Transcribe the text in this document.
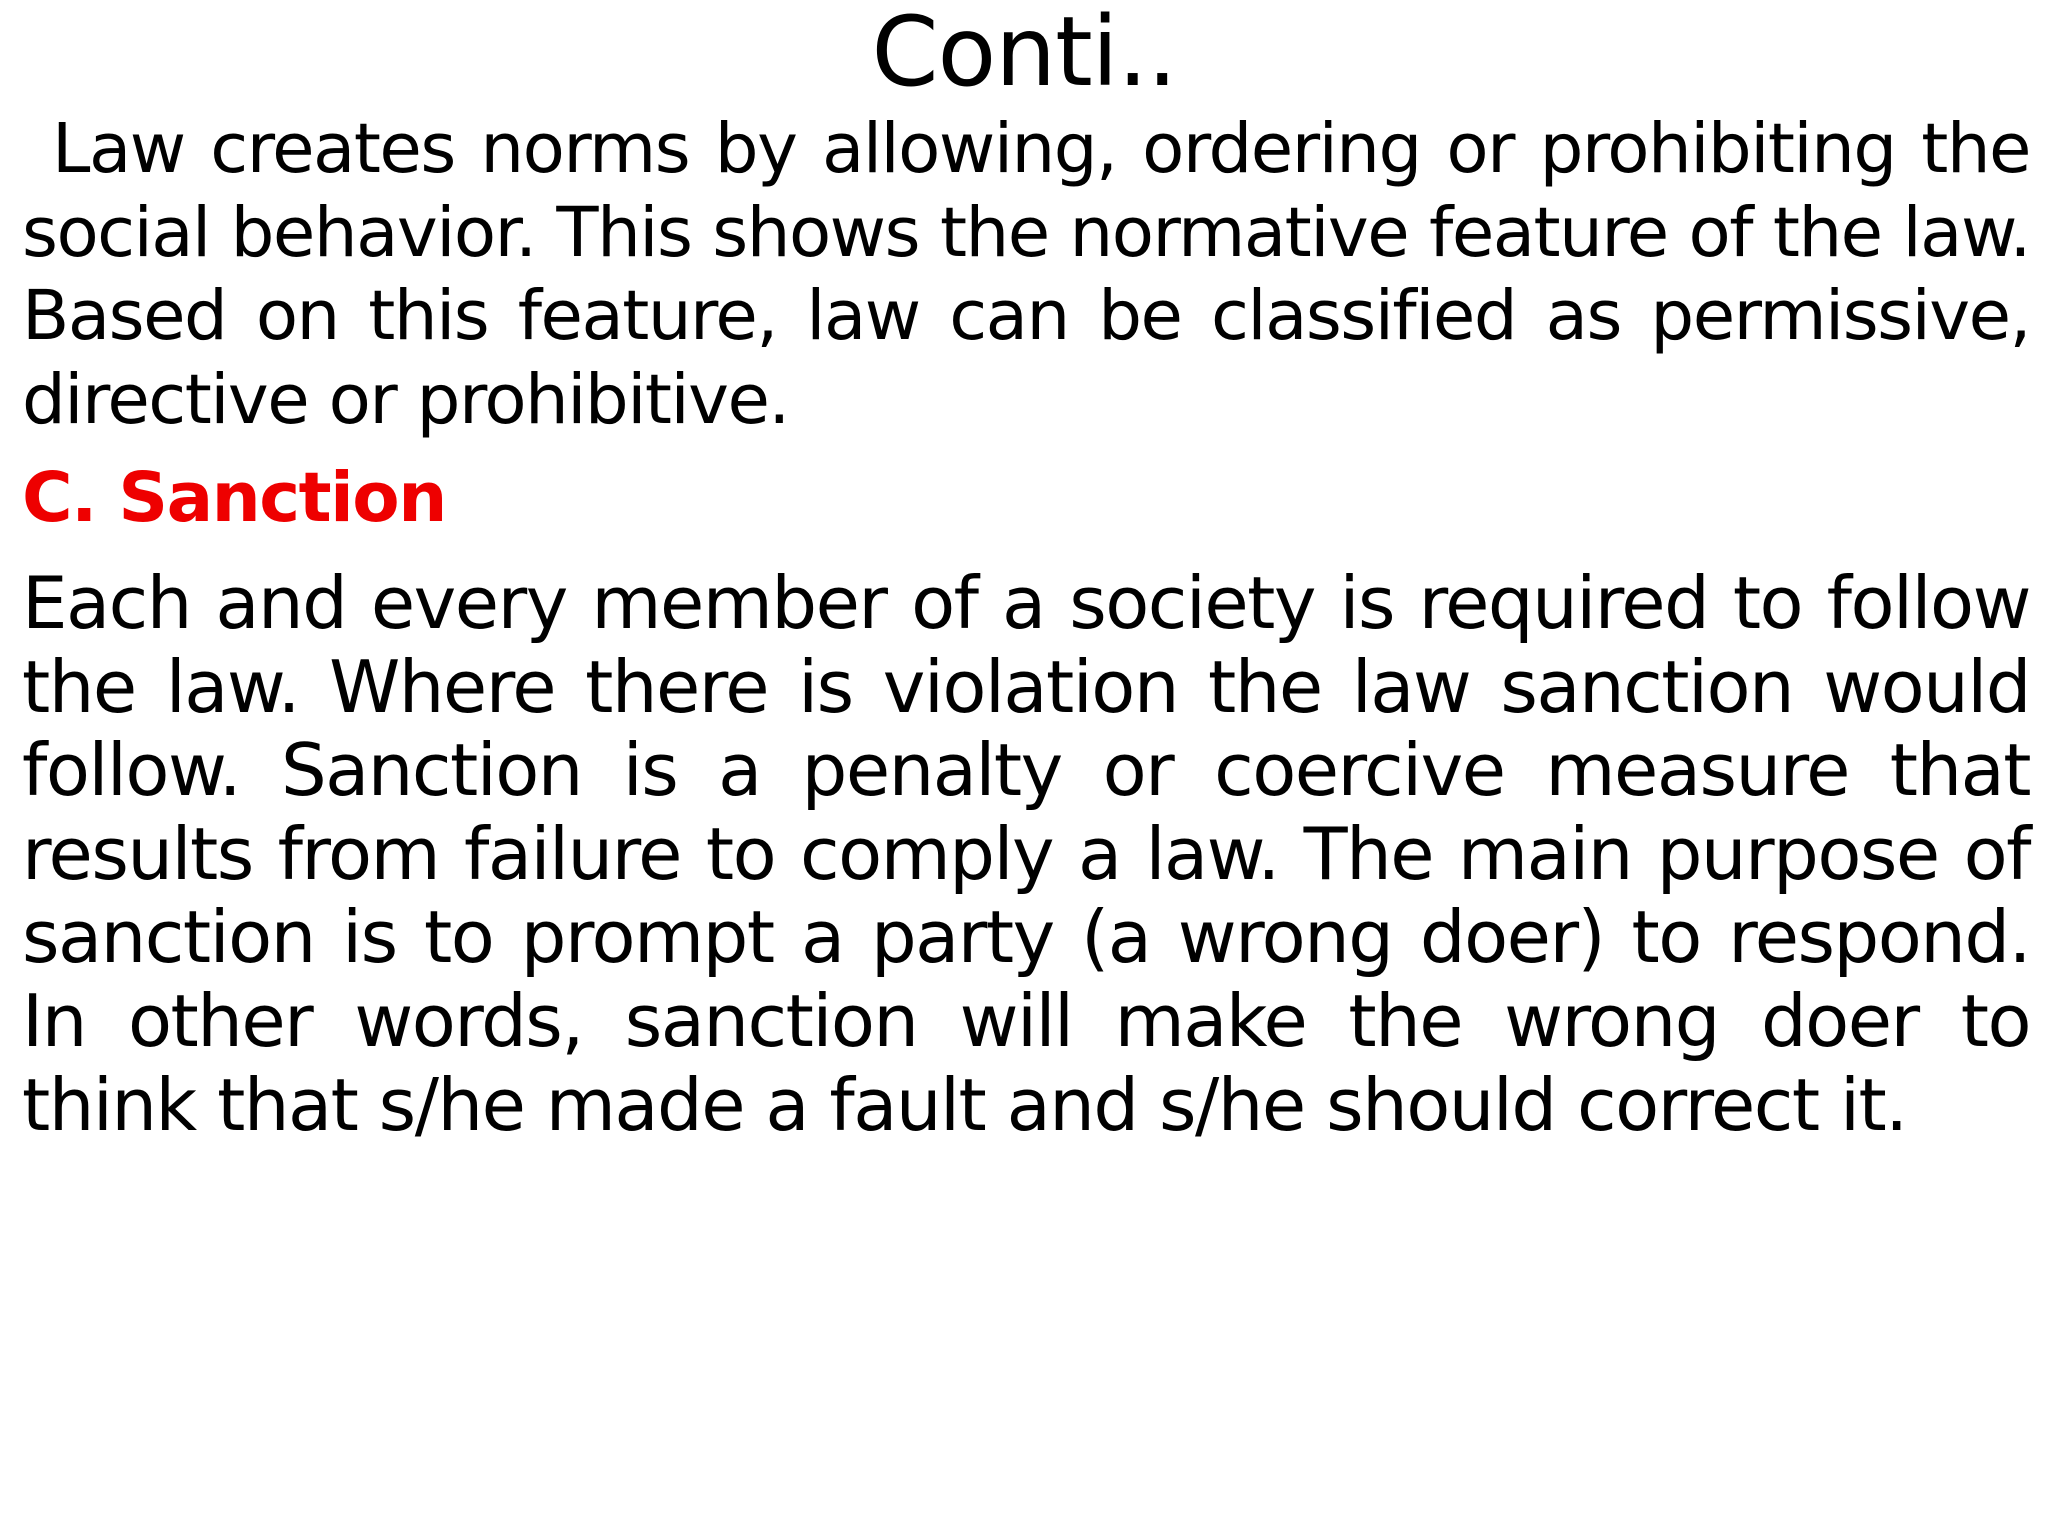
Conti..

Law creates norms by allowing, ordering or prohibiting the social behavior. This shows the normative feature of the law. Based on this feature, law can be classified as permissive, directive or prohibitive.

C. Sanction

Each and every member of a society is required to follow the law. Where there is violation the law sanction would follow. Sanction is a penalty or coercive measure that results from failure to comply a law. The main purpose of sanction is to prompt a party (a wrong doer) to respond. In other words, sanction will make the wrong doer to think that s/he made a fault and s/he should correct it.
